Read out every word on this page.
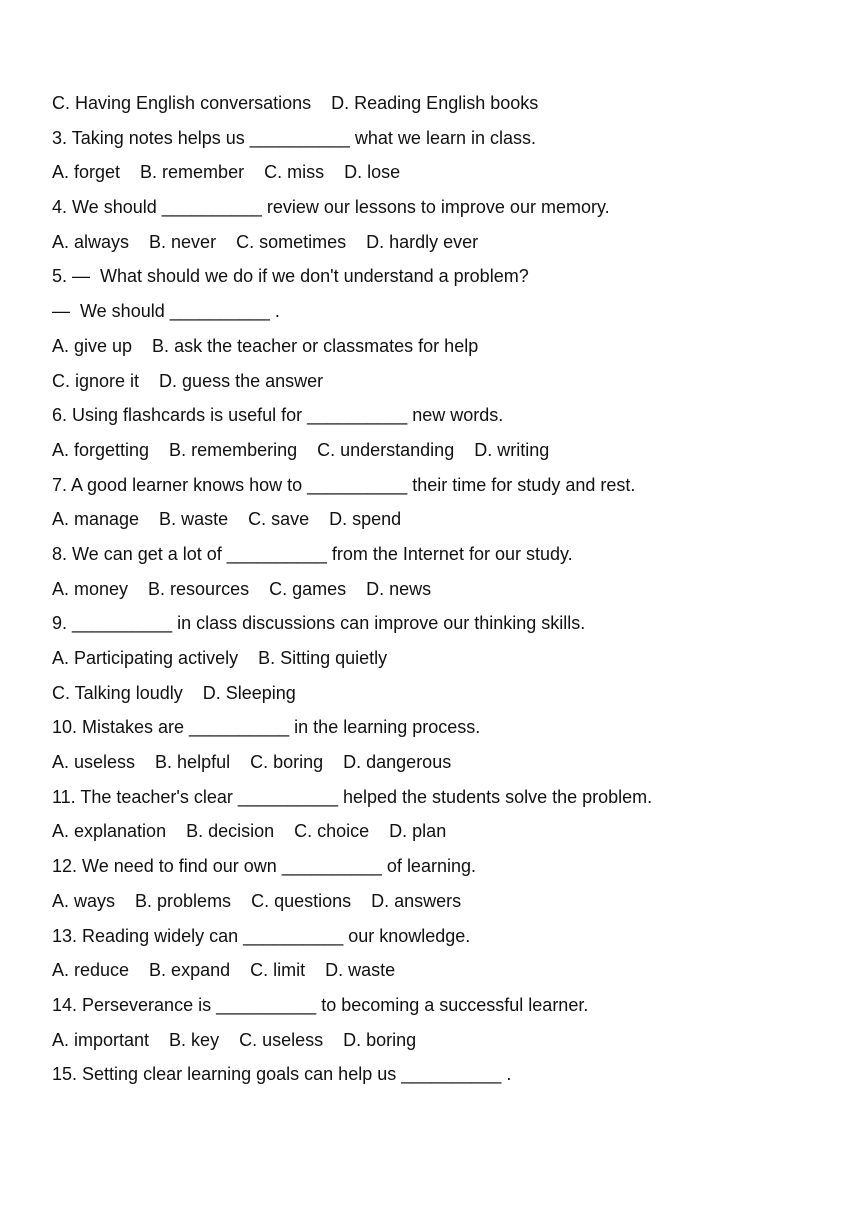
C. Having English conversations    D. Reading English books
3. Taking notes helps us __________ what we learn in class.
A. forget    B. remember    C. miss    D. lose
4. We should __________ review our lessons to improve our memory.
A. always    B. never    C. sometimes    D. hardly ever
5. —  What should we do if we don't understand a problem?
—  We should __________ .
A. give up    B. ask the teacher or classmates for help
C. ignore it    D. guess the answer
6. Using flashcards is useful for __________ new words.
A. forgetting    B. remembering    C. understanding    D. writing
7. A good learner knows how to __________ their time for study and rest.
A. manage    B. waste    C. save    D. spend
8. We can get a lot of __________ from the Internet for our study.
A. money    B. resources    C. games    D. news
9. __________ in class discussions can improve our thinking skills.
A. Participating actively    B. Sitting quietly
C. Talking loudly    D. Sleeping
10. Mistakes are __________ in the learning process.
A. useless    B. helpful    C. boring    D. dangerous
11. The teacher's clear __________ helped the students solve the problem.
A. explanation    B. decision    C. choice    D. plan
12. We need to find our own __________ of learning.
A. ways    B. problems    C. questions    D. answers
13. Reading widely can __________ our knowledge.
A. reduce    B. expand    C. limit    D. waste
14. Perseverance is __________ to becoming a successful learner.
A. important    B. key    C. useless    D. boring
15. Setting clear learning goals can help us __________ .
